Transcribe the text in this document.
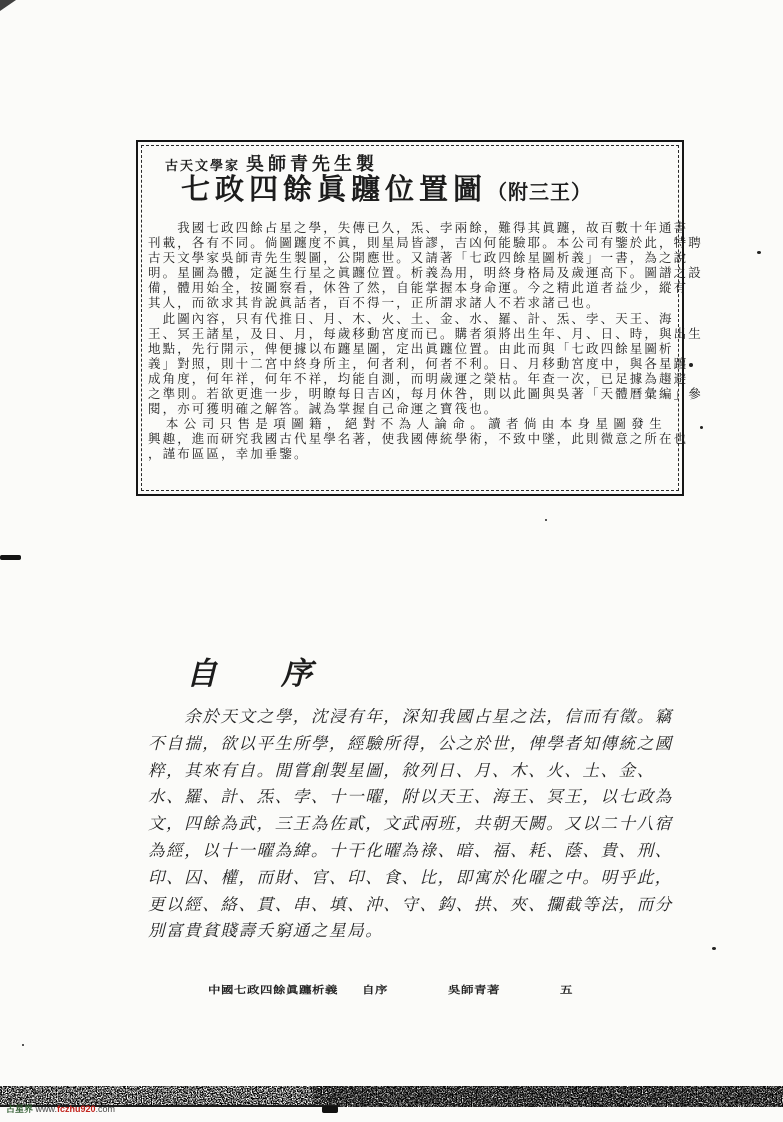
古天文學家 吳師青先生製
七政四餘眞躔位置圖（附三王）
　　我國七政四餘占星之學，失傳已久，炁、孛兩餘，難得其眞躔，故百數十年通書
刊載，各有不同。倘圖躔度不眞，則星局皆謬，吉凶何能驗耶。本公司有鑒於此，特聘
古天文學家吳師青先生製圖，公開應世。又請著「七政四餘星圖析義」一書，為之說
明。星圖為體，定誕生行星之眞躔位置。析義為用，明終身格局及歲運高下。圖譜之設
備，體用始全，按圖察看，休咎了然，自能掌握本身命運。今之精此道者益少，縱有
其人，而欲求其肯說眞話者，百不得一，正所謂求諸人不若求諸己也。
　此圖內容，只有代推日、月、木、火、土、金、水、羅、計、炁、孛、天王、海
王、冥王諸星，及日、月，每歲移動宮度而已。購者須將出生年、月、日、時，與出生
地點，先行開示，俾便據以布躔星圖，定出眞躔位置。由此而與「七政四餘星圖析
義」對照，則十二宮中終身所主，何者利，何者不利。日、月移動宮度中，與各星躔
成角度，何年祥，何年不祥，均能自測，而明歲運之榮枯。年查一次，已足據為趨避
之準則。若欲更進一步，明瞭每日吉凶，每月休咎，則以此圖與吳著「天體曆彙編」參
閱，亦可獲明確之解答。誠為掌握自己命運之寶筏也。
　本公司只售是項圖籍，絕對不為人論命。讀者倘由本身星圖發生
興趣，進而研究我國古代星學名著，使我國傳統學術，不致中墜，此則微意之所在也
，謹布區區，幸加垂鑒。
自 序
　　余於天文之學，沈浸有年，深知我國占星之法，信而有徵。竊
不自揣，欲以平生所學，經驗所得，公之於世，俾學者知傳統之國
粹，其來有自。閒嘗創製星圖，敘列日、月、木、火、土、金、
水、羅、計、炁、孛、十一曜，附以天王、海王、冥王，以七政為
文，四餘為武，三王為佐貳，文武兩班，共朝天闕。又以二十八宿
為經，以十一曜為緯。十干化曜為祿、暗、福、耗、蔭、貴、刑、
印、囚、權，而財、官、印、食、比，即寓於化曜之中。明乎此，
更以經、絡、貫、串、填、沖、守、鈎、拱、夾、攔截等法，而分
別富貴貧賤壽夭窮通之星局。
中國七政四餘眞躔析義 自序	吳師青著	五
占星界 www.fczhu920.com
